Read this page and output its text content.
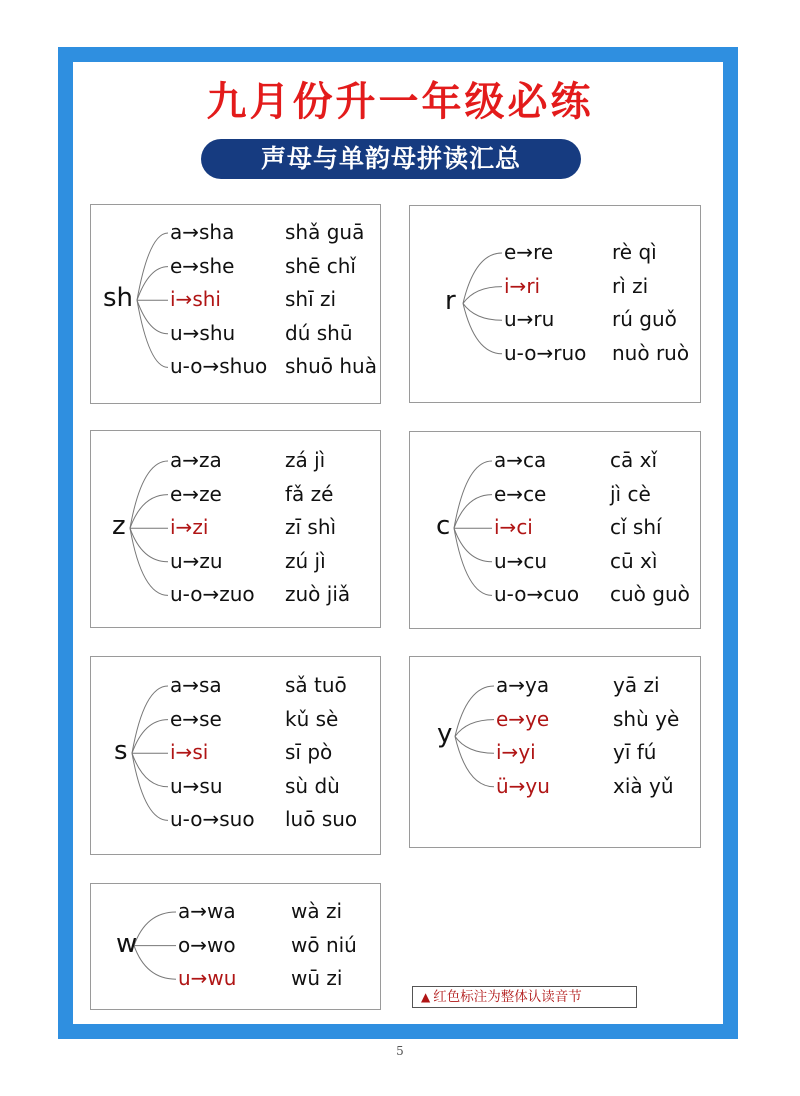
九月份升一年级必练
声母与单韵母拼读汇总
sh
a→sha	shǎ guā
e→she	shē chǐ
i→shi	shī zi
u→shu dú shū
u-o→shuo shuō huà
r
e→re	rè qì
i→ri	rì zi
u→ru	rú guǒ
u-o→ruo nuò ruò
z
a→za	zá jì
e→ze	fǎ zé
i→zi	zī shì
u→zu	zú jì
u-o→zuo zuò jiǎ
c
a→ca	cā xǐ
e→ce	jì cè
i→ci	cǐ shí
u→cu	cū xì
u-o→cuo cuò guò
s
a→sa	sǎ tuō
e→se	kǔ sè
i→si	sī pò
u→su	sù dù
u-o→suo luō suo
y
a→ya	yā zi
e→ye	shù yè
i→yi	yī fú
ü→yu	xià yǔ
w
a→wa	wà zi
o→wo	wō niú
u→wu	wū zi
▲ 红色标注为整体认读音节
5
